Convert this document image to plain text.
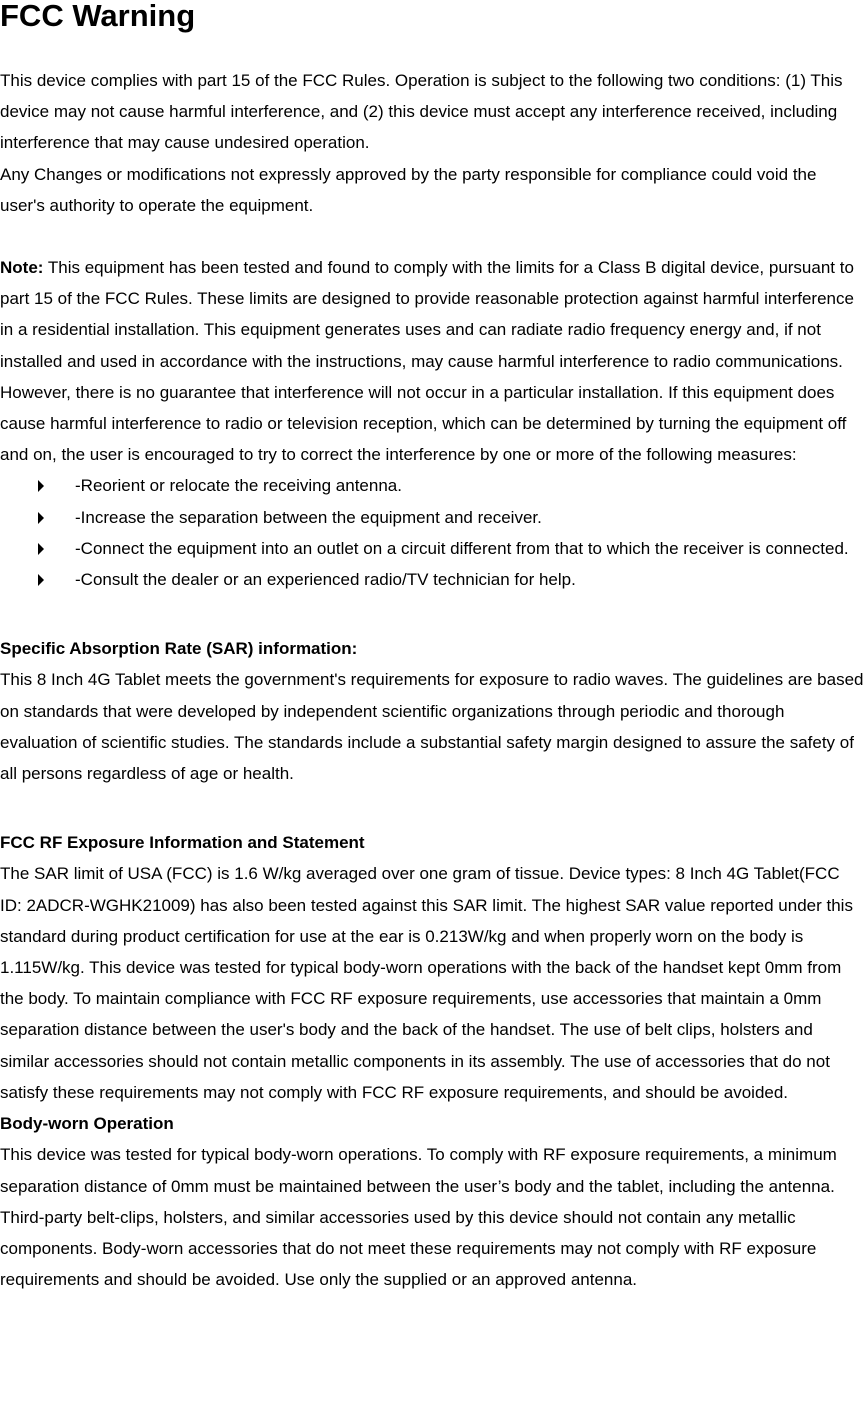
FCC Warning

This device complies with part 15 of the FCC Rules. Operation is subject to the following two conditions: (1) This device may not cause harmful interference, and (2) this device must accept any interference received, including interference that may cause undesired operation.

Any Changes or modifications not expressly approved by the party responsible for compliance could void the user's authority to operate the equipment.

Note: This equipment has been tested and found to comply with the limits for a Class B digital device, pursuant to part 15 of the FCC Rules. These limits are designed to provide reasonable protection against harmful interference in a residential installation. This equipment generates uses and can radiate radio frequency energy and, if not installed and used in accordance with the instructions, may cause harmful interference to radio communications. However, there is no guarantee that interference will not occur in a particular installation. If this equipment does cause harmful interference to radio or television reception, which can be determined by turning the equipment off and on, the user is encouraged to try to correct the interference by one or more of the following measures:

-Reorient or relocate the receiving antenna.
-Increase the separation between the equipment and receiver.
-Connect the equipment into an outlet on a circuit different from that to which the receiver is connected.
-Consult the dealer or an experienced radio/TV technician for help.

Specific Absorption Rate (SAR) information:

This 8 Inch 4G Tablet meets the government's requirements for exposure to radio waves. The guidelines are based on standards that were developed by independent scientific organizations through periodic and thorough evaluation of scientific studies. The standards include a substantial safety margin designed to assure the safety of all persons regardless of age or health.

FCC RF Exposure Information and Statement

The SAR limit of USA (FCC) is 1.6 W/kg averaged over one gram of tissue. Device types: 8 Inch 4G Tablet(FCC ID: 2ADCR-WGHK21009) has also been tested against this SAR limit. The highest SAR value reported under this standard during product certification for use at the ear is 0.213W/kg and when properly worn on the body is 1.115W/kg. This device was tested for typical body-worn operations with the back of the handset kept 0mm from the body. To maintain compliance with FCC RF exposure requirements, use accessories that maintain a 0mm separation distance between the user's body and the back of the handset. The use of belt clips, holsters and similar accessories should not contain metallic components in its assembly. The use of accessories that do not satisfy these requirements may not comply with FCC RF exposure requirements, and should be avoided.

Body-worn Operation

This device was tested for typical body-worn operations. To comply with RF exposure requirements, a minimum separation distance of 0mm must be maintained between the user’s body and the tablet, including the antenna. Third-party belt-clips, holsters, and similar accessories used by this device should not contain any metallic components. Body-worn accessories that do not meet these requirements may not comply with RF exposure requirements and should be avoided. Use only the supplied or an approved antenna.
